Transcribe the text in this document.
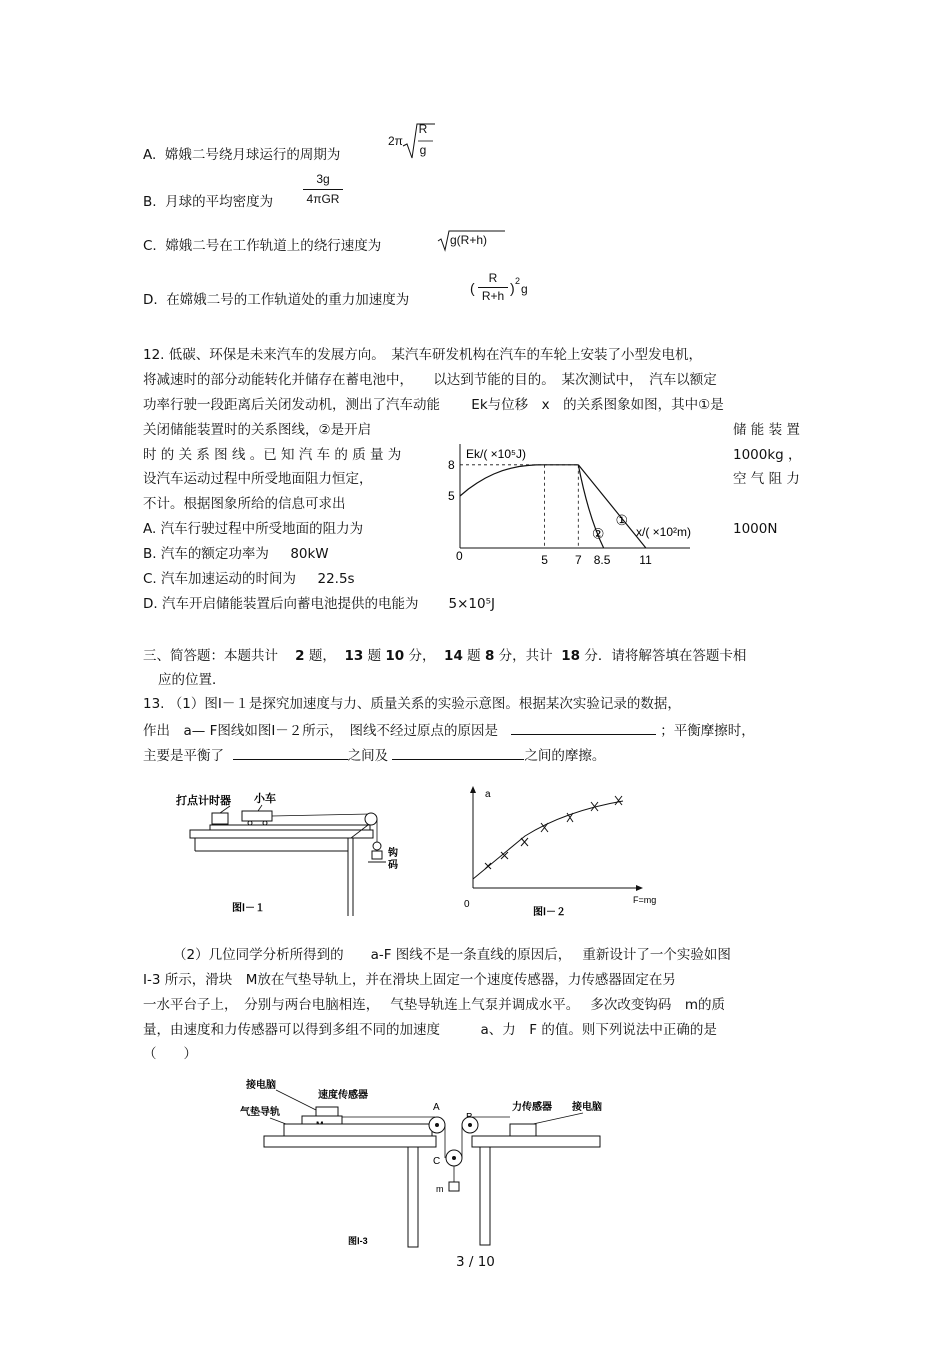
A. 嫦娥二号绕月球运行的周期为
2π
R
g
B. 月球的平均密度为
3g
4πGR
C. 嫦娥二号在工作轨道上的绕行速度为	g(R+h)
D. 在嫦娥二号的工作轨道处的重力加速度为
(
R
R+h ) 2
g
12. 低碳、环保是未来汽车的发展方向。　某汽车研发机构在汽车的车轮上安装了小型发电机，
将减速时的部分动能转化并储存在蓄电池中，　　以达到节能的目的。　某次测试中，　汽车以额定
功率行驶一段距离后关闭发动机，测出了汽车动能　　 Ek与位移　x　的关系图象如图，其中①是
关闭储能装置时的关系图线，②是开启	储 能 装 置
时 的 关 系 图 线 。已 知 汽 车 的 质 量 为	1000kg ，
设汽车运动过程中所受地面阻力恒定，	空 气 阻 力
不计。根据图象所给的信息可求出
A. 汽车行驶过程中所受地面的阻力为	1000N
B. 汽车的额定功率为 80kW
C. 汽车加速运动的时间为 22.5s
D. 汽车开启储能装置后向蓄电池提供的电能为 5×10⁵J
Ek/( ×10⁵J)
x/( ×10²m)
0
8
5
5 7 8.5 11
①
②
三、简答题：本题共计 2 题， 13 题 10 分， 14 题 8 分，共计 18 分．请将解答填在答题卡相
应的位置．
13. （1）图Ⅰ－１是探究加速度与力、质量关系的实验示意图。根据某次实验记录的数据，
作出　a— F图线如图Ⅰ－２所示，　图线不经过原点的原因是	；平衡摩擦时，
主要是平衡了	之间及	之间的摩擦。
打点计时器 小车
钩码
图Ⅰ－１
a
F=mg
0
图Ⅰ－２
（2）几位同学分析所得到的　　a-F 图线不是一条直线的原因后，　 重新设计了一个实验如图
Ⅰ-3 所示，滑块　M放在气垫导轨上，并在滑块上固定一个速度传感器，力传感器固定在另
一水平台子上，　分别与两台电脑相连，　 气垫导轨连上气泵并调成水平。　 多次改变钩码　m的质
量，由速度和力传感器可以得到多组不同的加速度　　　a、力　F 的值。则下列说法中正确的是
（　　）
接电脑
速度传感器
气垫导轨	A
C
m
力传感器 接电脑
图Ⅰ-3
3 / 10
